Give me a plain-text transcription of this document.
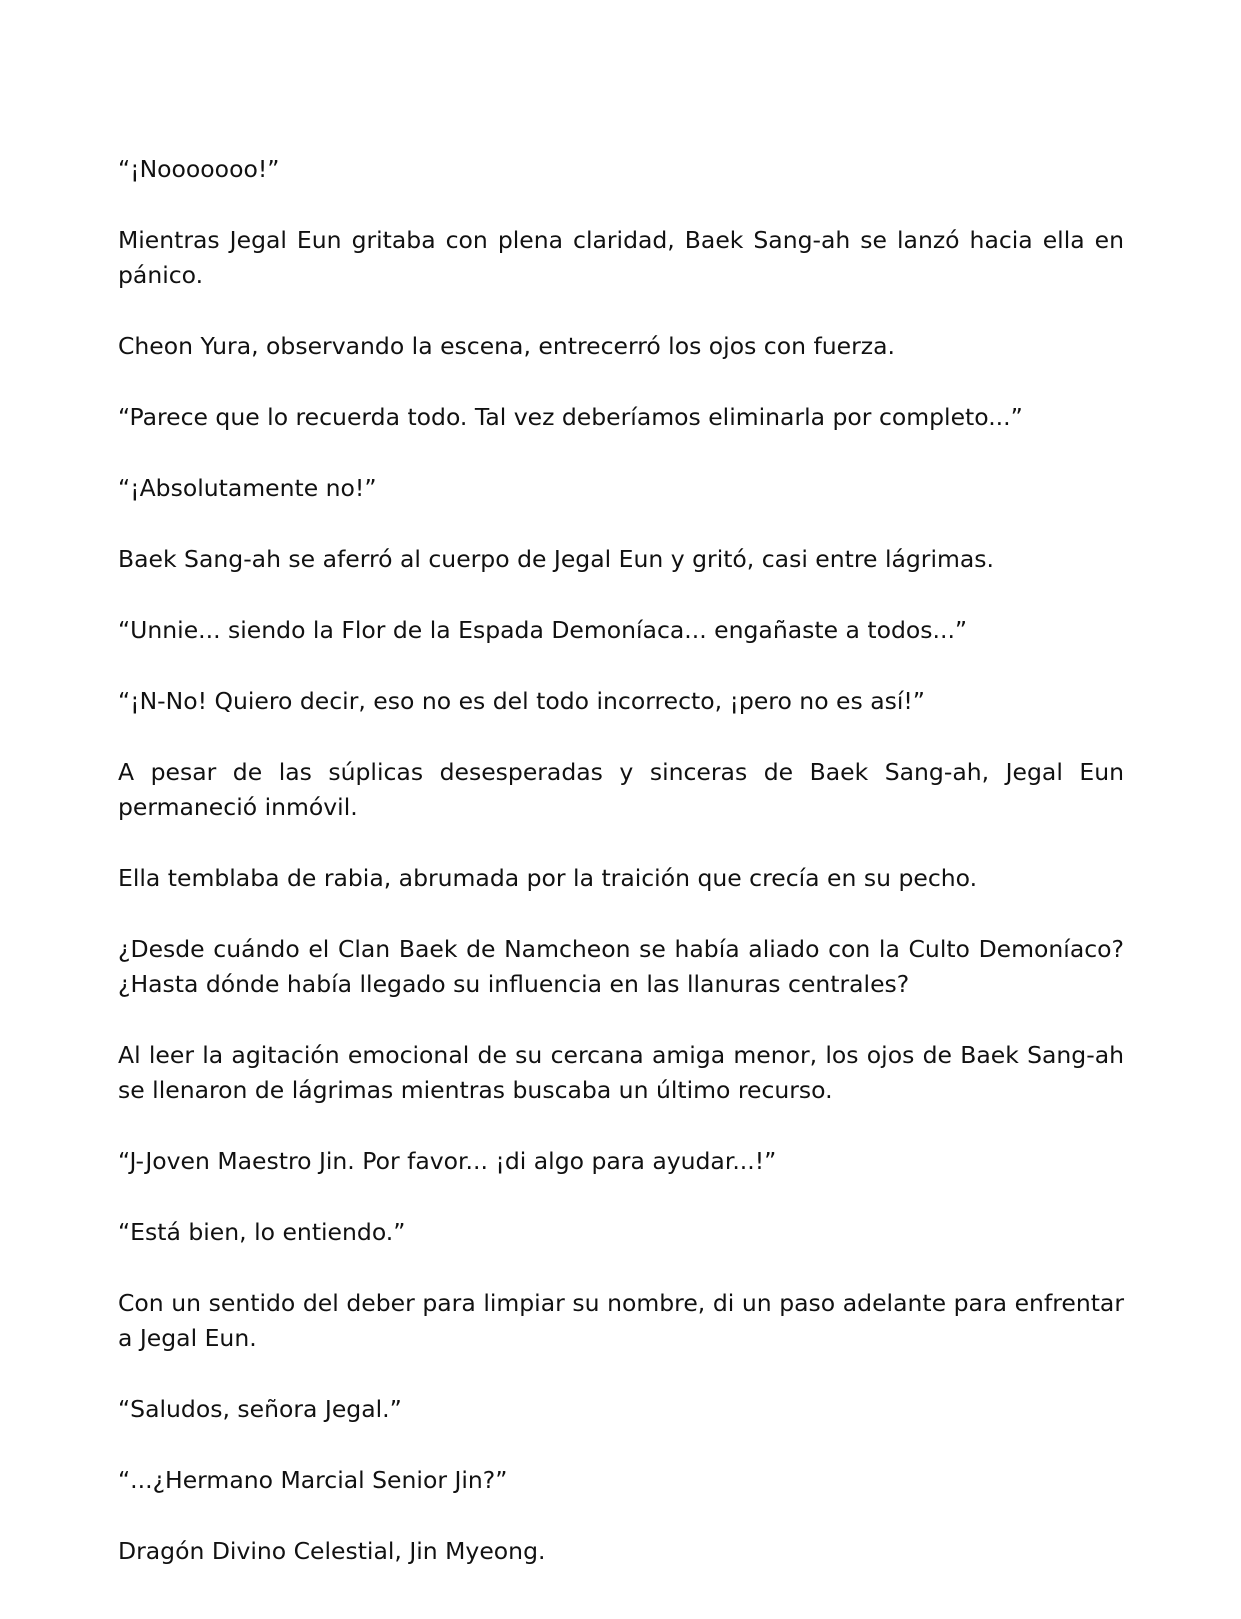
“¡Nooooooo!”

Mientras Jegal Eun gritaba con plena claridad, Baek Sang-ah se lanzó hacia ella en pánico.

Cheon Yura, observando la escena, entrecerró los ojos con fuerza.

“Parece que lo recuerda todo. Tal vez deberíamos eliminarla por completo...”

“¡Absolutamente no!”

Baek Sang-ah se aferró al cuerpo de Jegal Eun y gritó, casi entre lágrimas.

“Unnie... siendo la Flor de la Espada Demoníaca... engañaste a todos...”

“¡N-No! Quiero decir, eso no es del todo incorrecto, ¡pero no es así!”

A pesar de las súplicas desesperadas y sinceras de Baek Sang-ah, Jegal Eun permaneció inmóvil.

Ella temblaba de rabia, abrumada por la traición que crecía en su pecho.

¿Desde cuándo el Clan Baek de Namcheon se había aliado con la Culto Demoníaco? ¿Hasta dónde había llegado su influencia en las llanuras centrales?

Al leer la agitación emocional de su cercana amiga menor, los ojos de Baek Sang-ah se llenaron de lágrimas mientras buscaba un último recurso.

“J-Joven Maestro Jin. Por favor... ¡di algo para ayudar...!”

“Está bien, lo entiendo.”

Con un sentido del deber para limpiar su nombre, di un paso adelante para enfrentar a Jegal Eun.

“Saludos, señora Jegal.”

“...¿Hermano Marcial Senior Jin?”

Dragón Divino Celestial, Jin Myeong.
